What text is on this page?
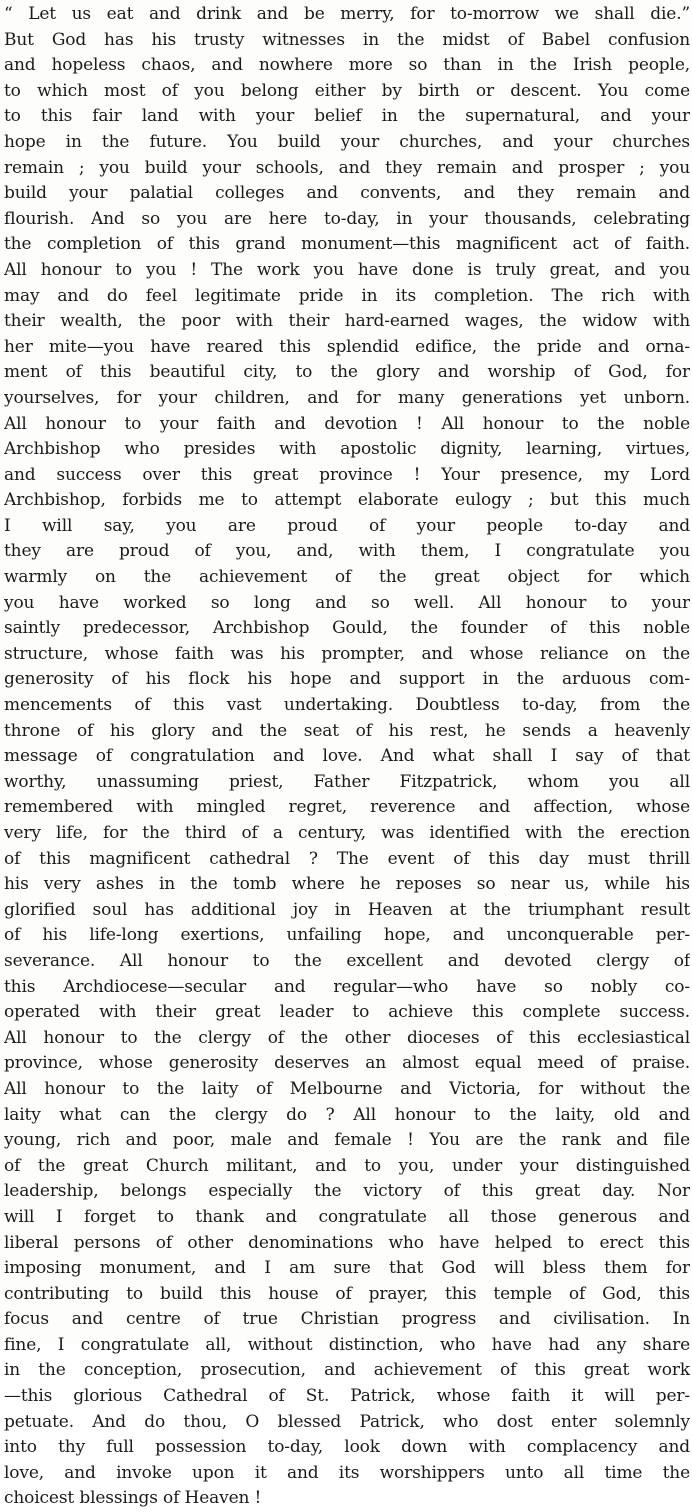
“ Let us eat and drink and be merry, for to-morrow we shall die.”
But God has his trusty witnesses in the midst of Babel confusion
and hopeless chaos, and nowhere more so than in the Irish people,
to which most of you belong either by birth or descent. You come
to this fair land with your belief in the supernatural, and your
hope in the future. You build your churches, and your churches
remain ; you build your schools, and they remain and prosper ; you
build your palatial colleges and convents, and they remain and
flourish. And so you are here to-day, in your thousands, celebrating
the completion of this grand monument—this magnificent act of faith.
All honour to you ! The work you have done is truly great, and you
may and do feel legitimate pride in its completion. The rich with
their wealth, the poor with their hard-earned wages, the widow with
her mite—you have reared this splendid edifice, the pride and orna-
ment of this beautiful city, to the glory and worship of God, for
yourselves, for your children, and for many generations yet unborn.
All honour to your faith and devotion ! All honour to the noble
Archbishop who presides with apostolic dignity, learning, virtues,
and success over this great province ! Your presence, my Lord
Archbishop, forbids me to attempt elaborate eulogy ; but this much
I will say, you are proud of your people to-day and
they are proud of you, and, with them, I congratulate you
warmly on the achievement of the great object for which
you have worked so long and so well. All honour to your
saintly predecessor, Archbishop Gould, the founder of this noble
structure, whose faith was his prompter, and whose reliance on the
generosity of his flock his hope and support in the arduous com-
mencements of this vast undertaking. Doubtless to-day, from the
throne of his glory and the seat of his rest, he sends a heavenly
message of congratulation and love. And what shall I say of that
worthy, unassuming priest, Father Fitzpatrick, whom you all
remembered with mingled regret, reverence and affection, whose
very life, for the third of a century, was identified with the erection
of this magnificent cathedral ? The event of this day must thrill
his very ashes in the tomb where he reposes so near us, while his
glorified soul has additional joy in Heaven at the triumphant result
of his life-long exertions, unfailing hope, and unconquerable per-
severance. All honour to the excellent and devoted clergy of
this Archdiocese—secular and regular—who have so nobly co-
operated with their great leader to achieve this complete success.
All honour to the clergy of the other dioceses of this ecclesiastical
province, whose generosity deserves an almost equal meed of praise.
All honour to the laity of Melbourne and Victoria, for without the
laity what can the clergy do ? All honour to the laity, old and
young, rich and poor, male and female ! You are the rank and file
of the great Church militant, and to you, under your distinguished
leadership, belongs especially the victory of this great day. Nor
will I forget to thank and congratulate all those generous and
liberal persons of other denominations who have helped to erect this
imposing monument, and I am sure that God will bless them for
contributing to build this house of prayer, this temple of God, this
focus and centre of true Christian progress and civilisation. In
fine, I congratulate all, without distinction, who have had any share
in the conception, prosecution, and achievement of this great work
—this glorious Cathedral of St. Patrick, whose faith it will per-
petuate. And do thou, O blessed Patrick, who dost enter solemnly
into thy full possession to-day, look down with complacency and
love, and invoke upon it and its worshippers unto all time the
choicest blessings of Heaven !
